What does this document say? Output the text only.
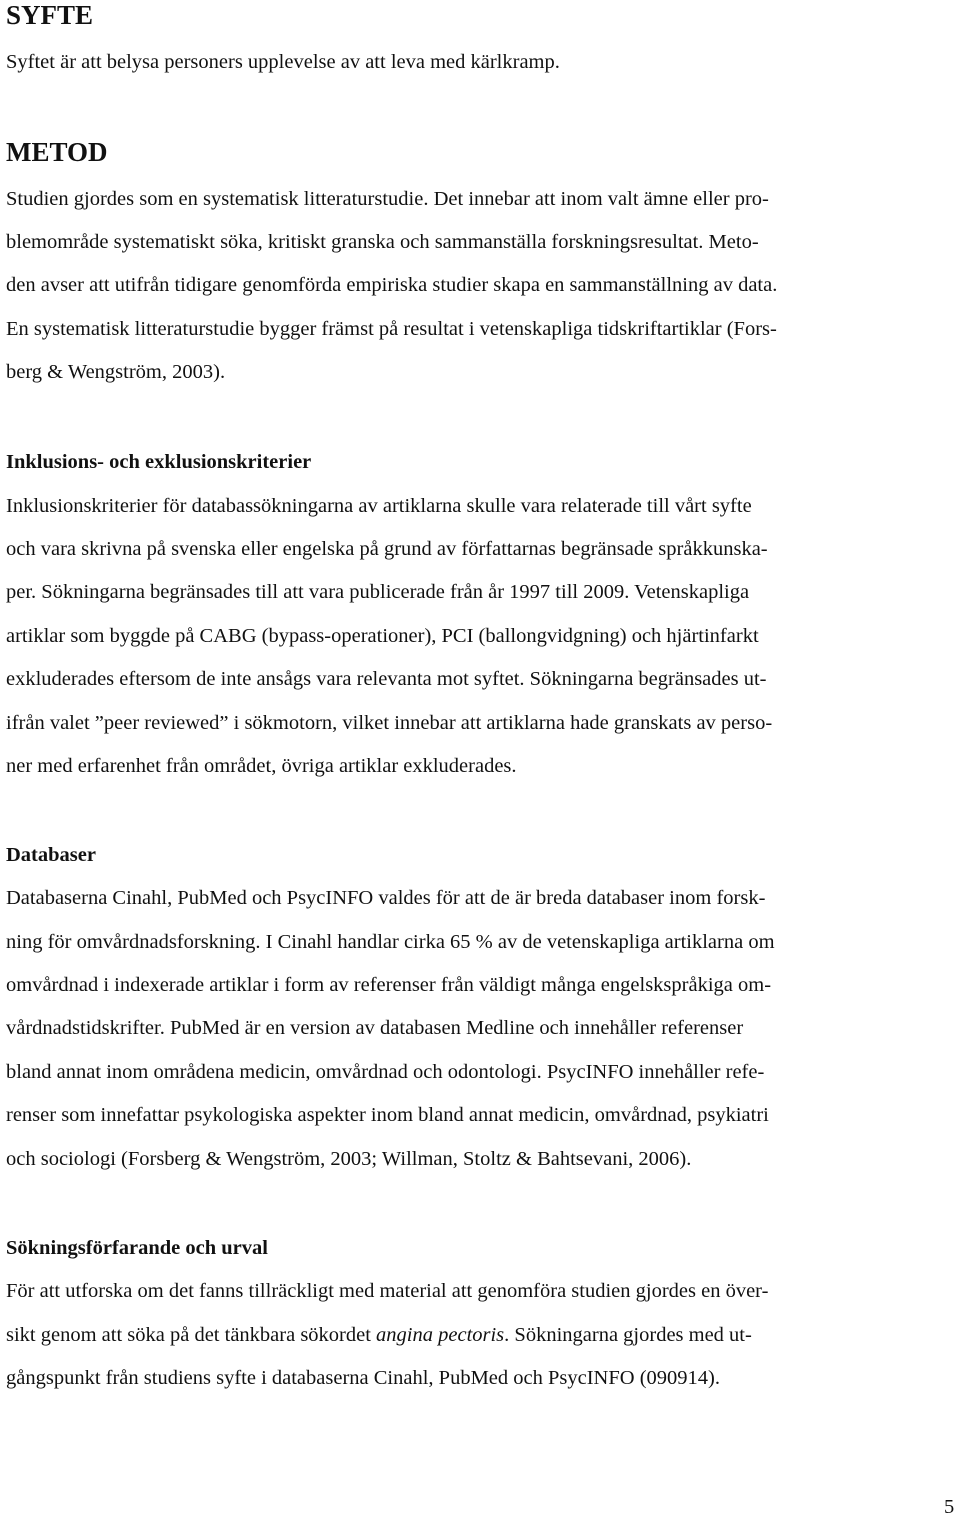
SYFTE

Syftet är att belysa personers upplevelse av att leva med kärlkramp.

METOD

Studien gjordes som en systematisk litteraturstudie. Det innebar att inom valt ämne eller pro-

blemområde systematiskt söka, kritiskt granska och sammanställa forskningsresultat. Meto-

den avser att utifrån tidigare genomförda empiriska studier skapa en sammanställning av data.

En systematisk litteraturstudie bygger främst på resultat i vetenskapliga tidskriftartiklar (Fors-

berg & Wengström, 2003).

Inklusions- och exklusionskriterier

Inklusionskriterier för databassökningarna av artiklarna skulle vara relaterade till vårt syfte

och vara skrivna på svenska eller engelska på grund av författarnas begränsade språkkunska-

per. Sökningarna begränsades till att vara publicerade från år 1997 till 2009. Vetenskapliga

artiklar som byggde på CABG (bypass-operationer), PCI (ballongvidgning) och hjärtinfarkt

exkluderades eftersom de inte ansågs vara relevanta mot syftet. Sökningarna begränsades ut-

ifrån valet ”peer reviewed” i sökmotorn, vilket innebar att artiklarna hade granskats av perso-

ner med erfarenhet från området, övriga artiklar exkluderades.

Databaser

Databaserna Cinahl, PubMed och PsycINFO valdes för att de är breda databaser inom forsk-

ning för omvårdnadsforskning. I Cinahl handlar cirka 65 % av de vetenskapliga artiklarna om

omvårdnad i indexerade artiklar i form av referenser från väldigt många engelskspråkiga om-

vårdnadstidskrifter. PubMed är en version av databasen Medline och innehåller referenser

bland annat inom områdena medicin, omvårdnad och odontologi. PsycINFO innehåller refe-

renser som innefattar psykologiska aspekter inom bland annat medicin, omvårdnad, psykiatri

och sociologi (Forsberg & Wengström, 2003; Willman, Stoltz & Bahtsevani, 2006).

Sökningsförfarande och urval

För att utforska om det fanns tillräckligt med material att genomföra studien gjordes en över-

sikt genom att söka på det tänkbara sökordet angina pectoris. Sökningarna gjordes med ut-

gångspunkt från studiens syfte i databaserna Cinahl, PubMed och PsycINFO (090914).

5
